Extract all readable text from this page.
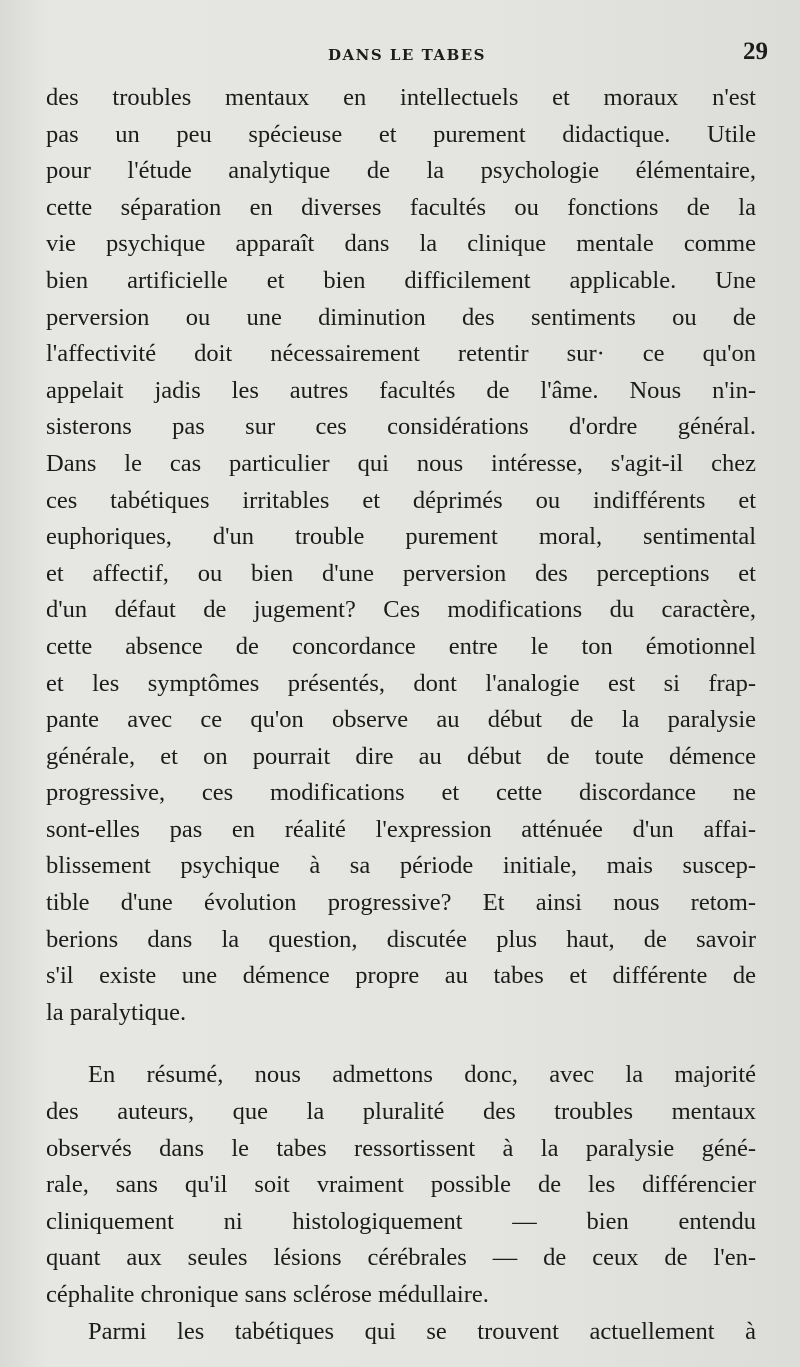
DANS LE TABES	29
des troubles mentaux en intellectuels et moraux n'est
pas un peu spécieuse et purement didactique. Utile
pour l'étude analytique de la psychologie élémentaire,
cette séparation en diverses facultés ou fonctions de la
vie psychique apparaît dans la clinique mentale comme
bien artificielle et bien difficilement applicable. Une
perversion ou une diminution des sentiments ou de
l'affectivité doit nécessairement retentir sur· ce qu'on
appelait jadis les autres facultés de l'âme. Nous n'in-
sisterons pas sur ces considérations d'ordre général.
Dans le cas particulier qui nous intéresse, s'agit-il chez
ces tabétiques irritables et déprimés ou indifférents et
euphoriques, d'un trouble purement moral, sentimental
et affectif, ou bien d'une perversion des perceptions et
d'un défaut de jugement? Ces modifications du caractère,
cette absence de concordance entre le ton émotionnel
et les symptômes présentés, dont l'analogie est si frap-
pante avec ce qu'on observe au début de la paralysie
générale, et on pourrait dire au début de toute démence
progressive, ces modifications et cette discordance ne
sont-elles pas en réalité l'expression atténuée d'un affai-
blissement psychique à sa période initiale, mais suscep-
tible d'une évolution progressive? Et ainsi nous retom-
berions dans la question, discutée plus haut, de savoir
s'il existe une démence propre au tabes et différente de
la paralytique.
En résumé, nous admettons donc, avec la majorité
des auteurs, que la pluralité des troubles mentaux
observés dans le tabes ressortissent à la paralysie géné-
rale, sans qu'il soit vraiment possible de les différencier
cliniquement ni histologiquement — bien entendu
quant aux seules lésions cérébrales — de ceux de l'en-
céphalite chronique sans sclérose médullaire.
Parmi les tabétiques qui se trouvent actuellement à
